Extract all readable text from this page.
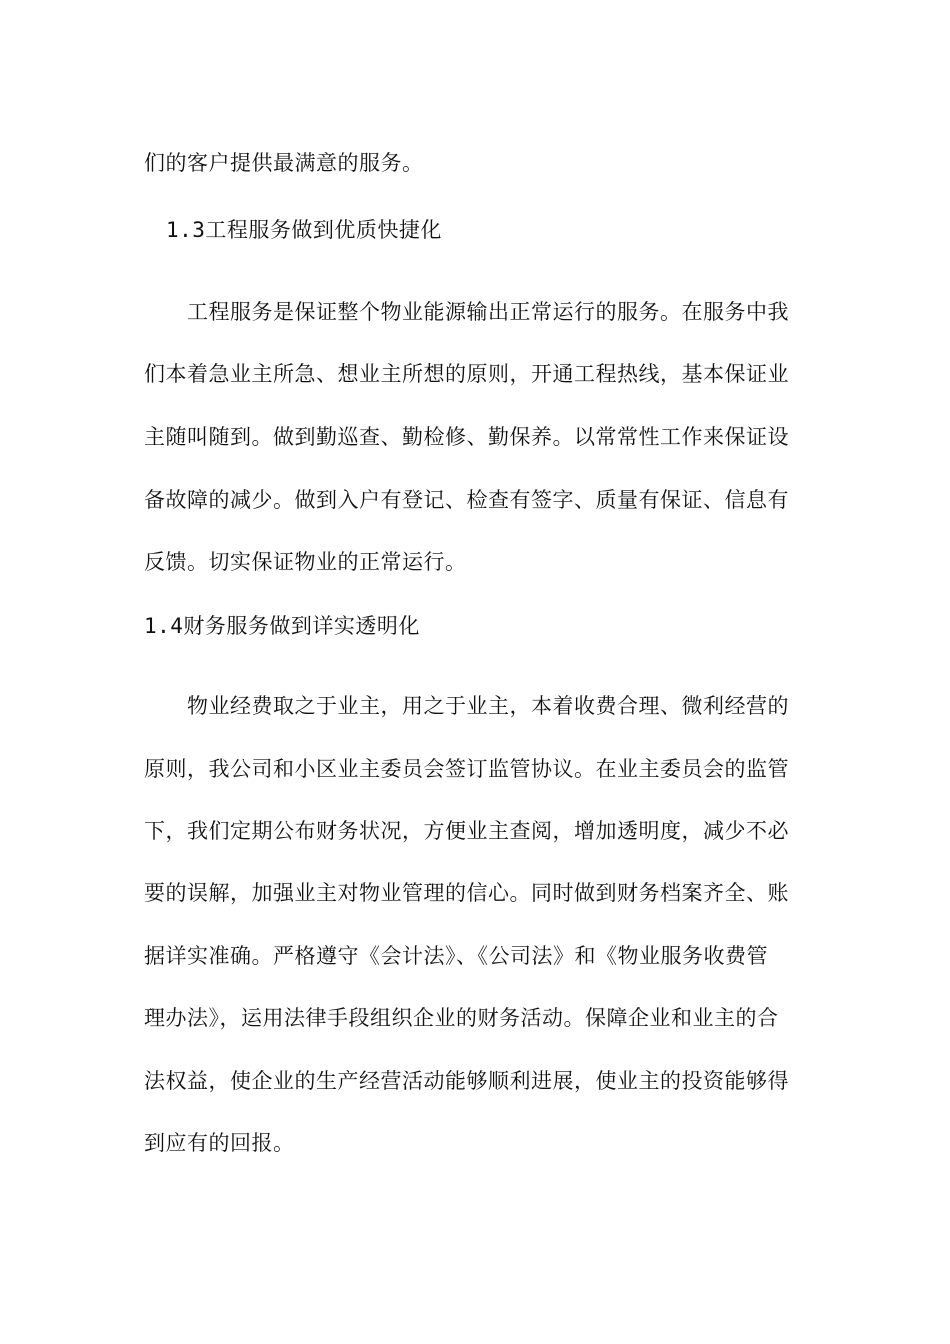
们的客户提供最满意的服务。
1.3工程服务做到优质快捷化
工程服务是保证整个物业能源输出正常运行的服务。在服务中我
们本着急业主所急、想业主所想的原则，开通工程热线，基本保证业
主随叫随到。做到勤巡查、勤检修、勤保养。以常常性工作来保证设
备故障的减少。做到入户有登记、检查有签字、质量有保证、信息有
反馈。切实保证物业的正常运行。
1.4财务服务做到详实透明化
物业经费取之于业主，用之于业主，本着收费合理、微利经营的
原则，我公司和小区业主委员会签订监管协议。在业主委员会的监管
下，我们定期公布财务状况，方便业主查阅，增加透明度，减少不必
要的误解，加强业主对物业管理的信心。同时做到财务档案齐全、账
据详实准确。严格遵守《会计法》、《公司法》和《物业服务收费管
理办法》，运用法律手段组织企业的财务活动。保障企业和业主的合
法权益，使企业的生产经营活动能够顺利进展，使业主的投资能够得
到应有的回报。
